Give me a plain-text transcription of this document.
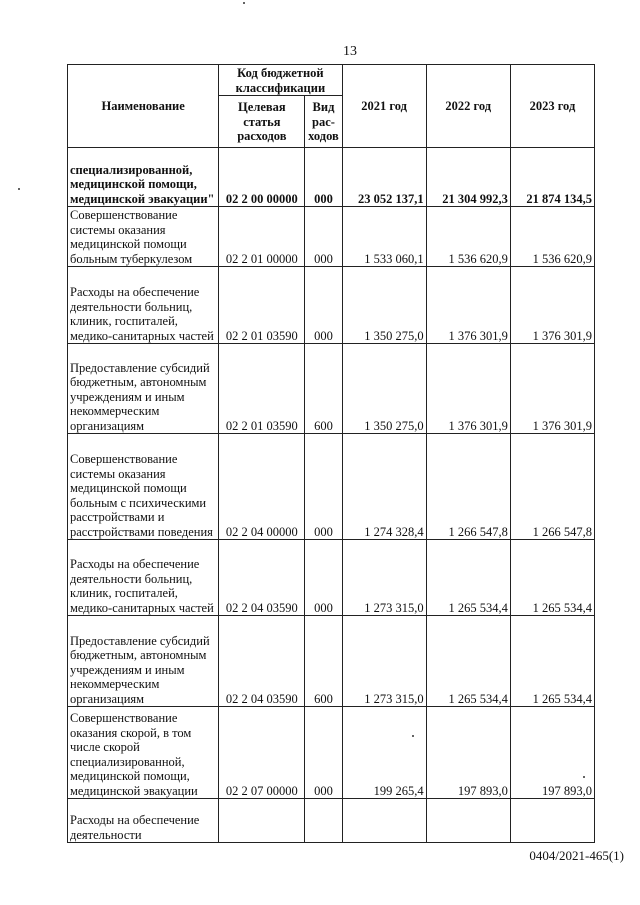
13
Наименование	Код бюджетной классификации		2021 год	2022 год	2023 год
	Целевая статья расходов	Вид рас- ходов			
специализированной, медицинской помощи, медицинской эвакуации"	02 2 00 00000	000	23 052 137,1	21 304 992,3	21 874 134,5
Совершенствование системы оказания медицинской помощи больным туберкулезом	02 2 01 00000	000	1 533 060,1	1 536 620,9	1 536 620,9
Расходы на обеспечение деятельности больниц, клиник, госпиталей, медико-санитарных частей	02 2 01 03590	000	1 350 275,0	1 376 301,9	1 376 301,9
Предоставление субсидий бюджетным, автономным учреждениям и иным некоммерческим организациям	02 2 01 03590	600	1 350 275,0	1 376 301,9	1 376 301,9
Совершенствование системы оказания медицинской помощи больным с психическими расстройствами и расстройствами поведения	02 2 04 00000	000	1 274 328,4	1 266 547,8	1 266 547,8
Расходы на обеспечение деятельности больниц, клиник, госпиталей, медико-санитарных частей	02 2 04 03590	000	1 273 315,0	1 265 534,4	1 265 534,4
Предоставление субсидий бюджетным, автономным учреждениям и иным некоммерческим организациям	02 2 04 03590	600	1 273 315,0	1 265 534,4	1 265 534,4
Совершенствование оказания скорой, в том числе скорой специализированной, медицинской помощи, медицинской эвакуации	02 2 07 00000	000	199 265,4	197 893,0	197 893,0
Расходы на обеспечение деятельности					
0404/2021-465(1)
